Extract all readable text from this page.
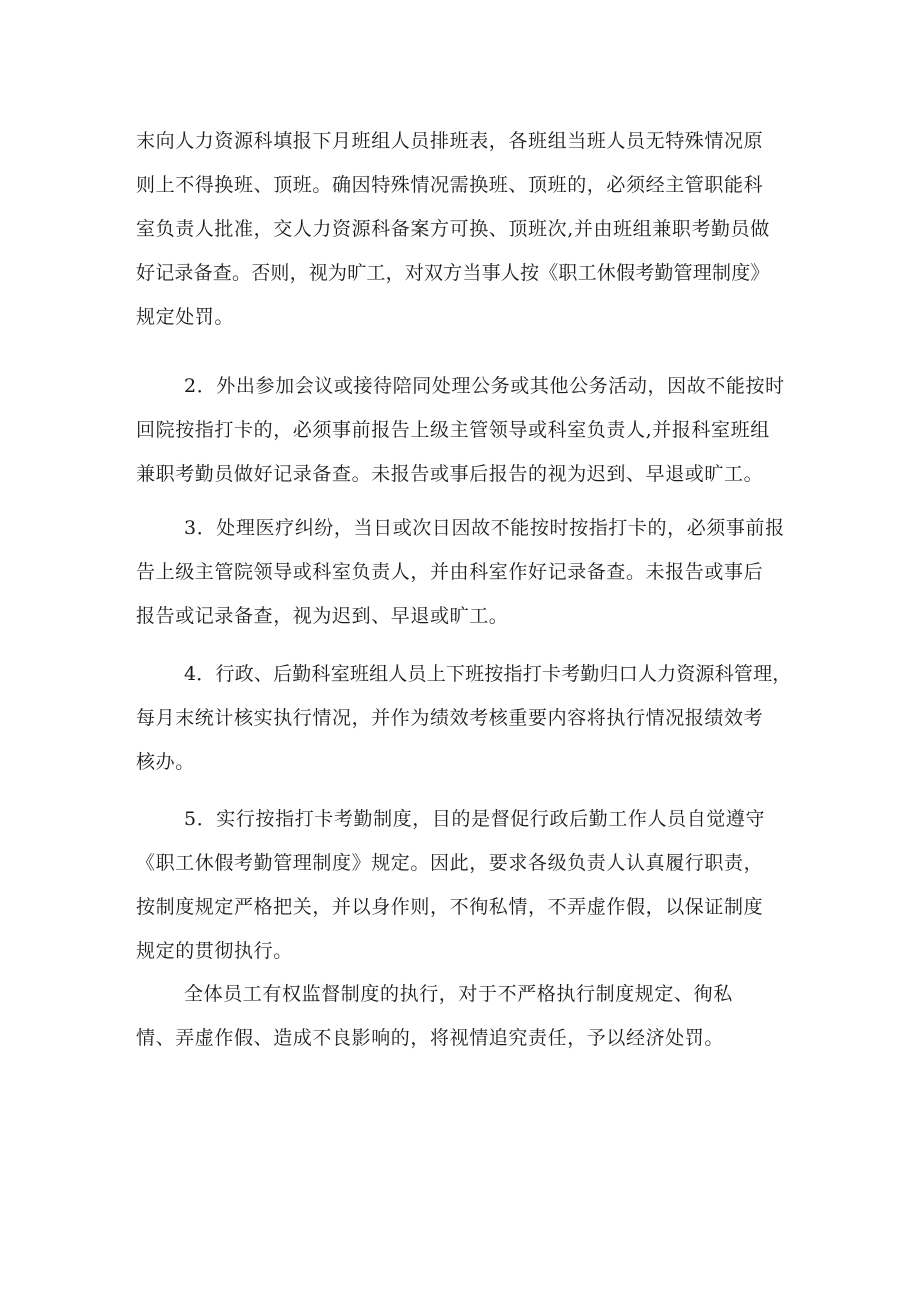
末向人力资源科填报下月班组人员排班表，各班组当班人员无特殊情况原
则上不得换班、顶班。确因特殊情况需换班、顶班的，必须经主管职能科
室负责人批准，交人力资源科备案方可换、顶班次,并由班组兼职考勤员做
好记录备查。否则，视为旷工，对双方当事人按《职工休假考勤管理制度》
规定处罚。
2．外出参加会议或接待陪同处理公务或其他公务活动，因故不能按时
回院按指打卡的，必须事前报告上级主管领导或科室负责人,并报科室班组
兼职考勤员做好记录备查。未报告或事后报告的视为迟到、早退或旷工。
3．处理医疗纠纷，当日或次日因故不能按时按指打卡的，必须事前报
告上级主管院领导或科室负责人，并由科室作好记录备查。未报告或事后
报告或记录备查，视为迟到、早退或旷工。
4．行政、后勤科室班组人员上下班按指打卡考勤归口人力资源科管理，
每月末统计核实执行情况，并作为绩效考核重要内容将执行情况报绩效考
核办。
5．实行按指打卡考勤制度，目的是督促行政后勤工作人员自觉遵守
《职工休假考勤管理制度》规定。因此，要求各级负责人认真履行职责，
按制度规定严格把关，并以身作则，不徇私情，不弄虚作假，以保证制度
规定的贯彻执行。
全体员工有权监督制度的执行，对于不严格执行制度规定、徇私
情、弄虚作假、造成不良影响的，将视情追究责任，予以经济处罚。
